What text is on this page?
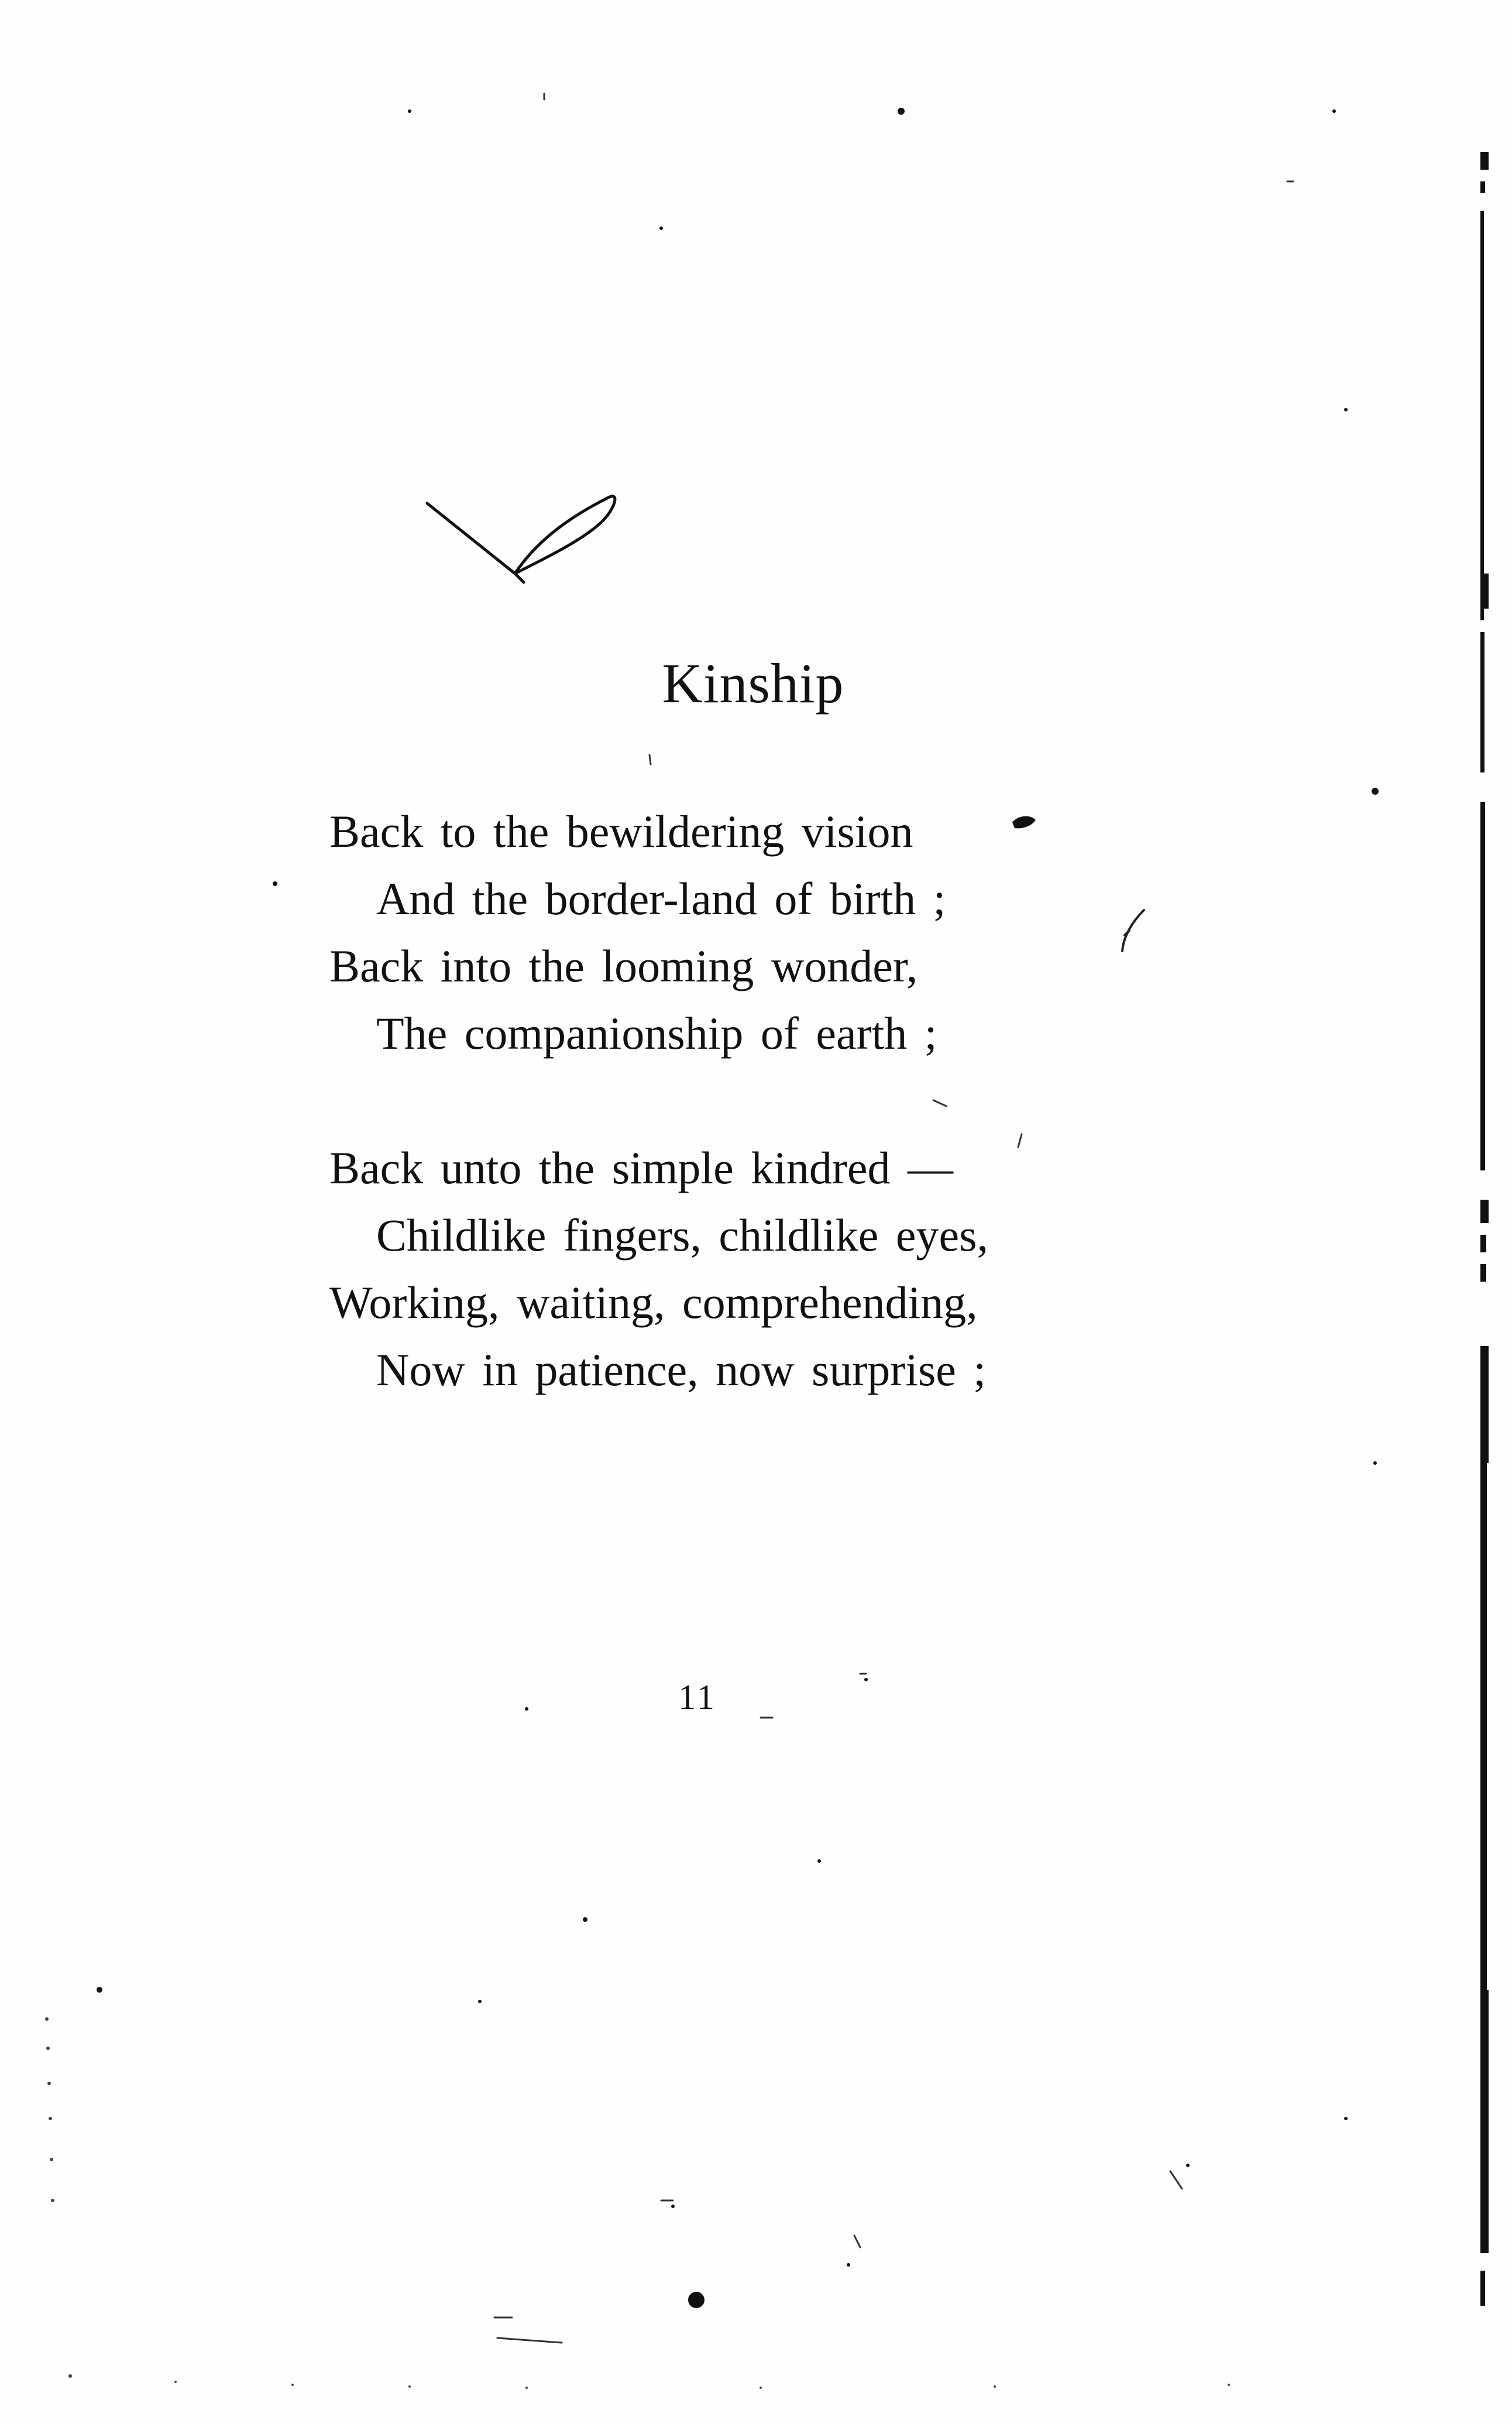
Kinship

Back to the bewildering vision
And the border-land of birth ;
Back into the looming wonder,
The companionship of earth ;

Back unto the simple kindred —
Childlike fingers, childlike eyes,
Working, waiting, comprehending,
Now in patience, now surprise ;

11
